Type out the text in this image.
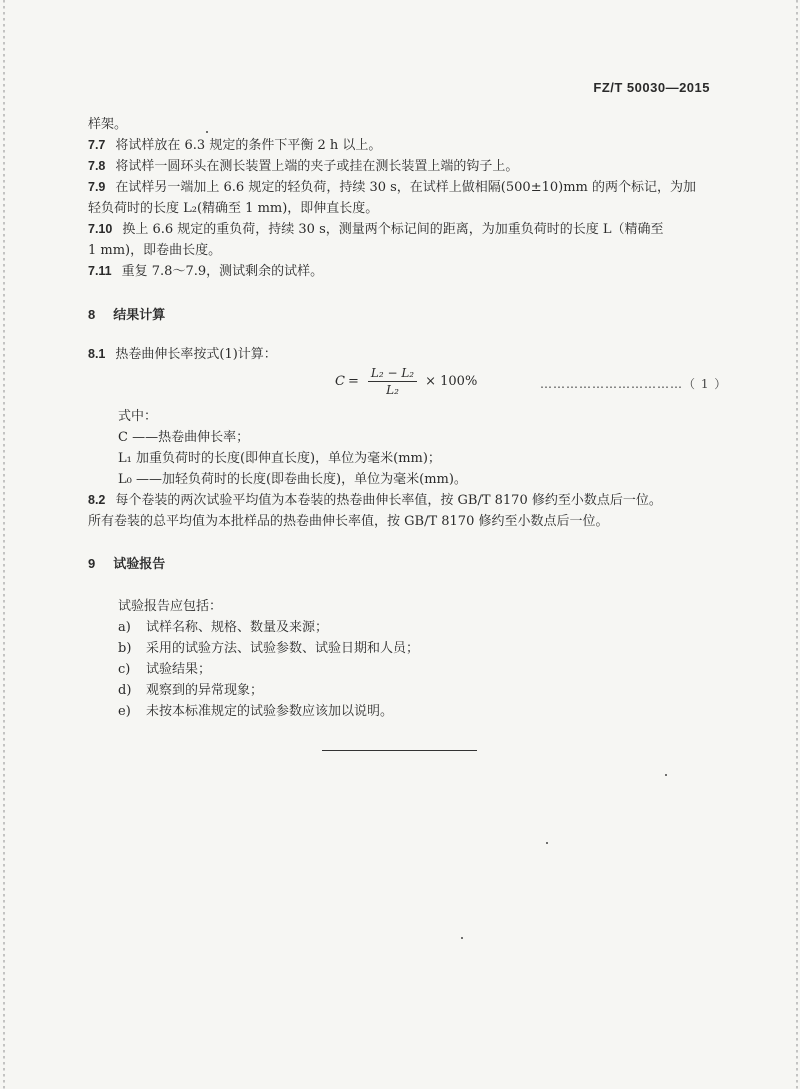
FZ/T 50030—2015
样架。
7.7 将试样放在 6.3 规定的条件下平衡 2 h 以上。
7.8 将试样一圆环头在测长装置上端的夹子或挂在测长装置上端的钩子上。
7.9 在试样另一端加上 6.6 规定的轻负荷，持续 30 s，在试样上做相隔(500±10)mm 的两个标记，为加
轻负荷时的长度 L₂(精确至 1 mm)，即伸直长度。
7.10 换上 6.6 规定的重负荷，持续 30 s，测量两个标记间的距离，为加重负荷时的长度 L（精确至
1 mm)，即卷曲长度。
7.11 重复 7.8～7.9，测试剩余的试样。
8 结果计算
8.1 热卷曲伸长率按式(1)计算：
$C = \frac{\text{L₂ − L₂}}{\text{L₂}} \times 100\%$	……………………………（ 1 ）
式中：
C ——热卷曲伸长率；
L₁ 加重负荷时的长度(即伸直长度)，单位为毫米(mm)；
L₀ ——加轻负荷时的长度(即卷曲长度)，单位为毫米(mm)。
8.2 每个卷装的两次试验平均值为本卷装的热卷曲伸长率值，按 GB/T 8170 修约至小数点后一位。
所有卷装的总平均值为本批样品的热卷曲伸长率值，按 GB/T 8170 修约至小数点后一位。
9 试验报告
试验报告应包括：
a) 试样名称、规格、数量及来源；
b) 采用的试验方法、试验参数、试验日期和人员；
c) 试验结果；
d) 观察到的异常现象；
e) 未按本标准规定的试验参数应该加以说明。
